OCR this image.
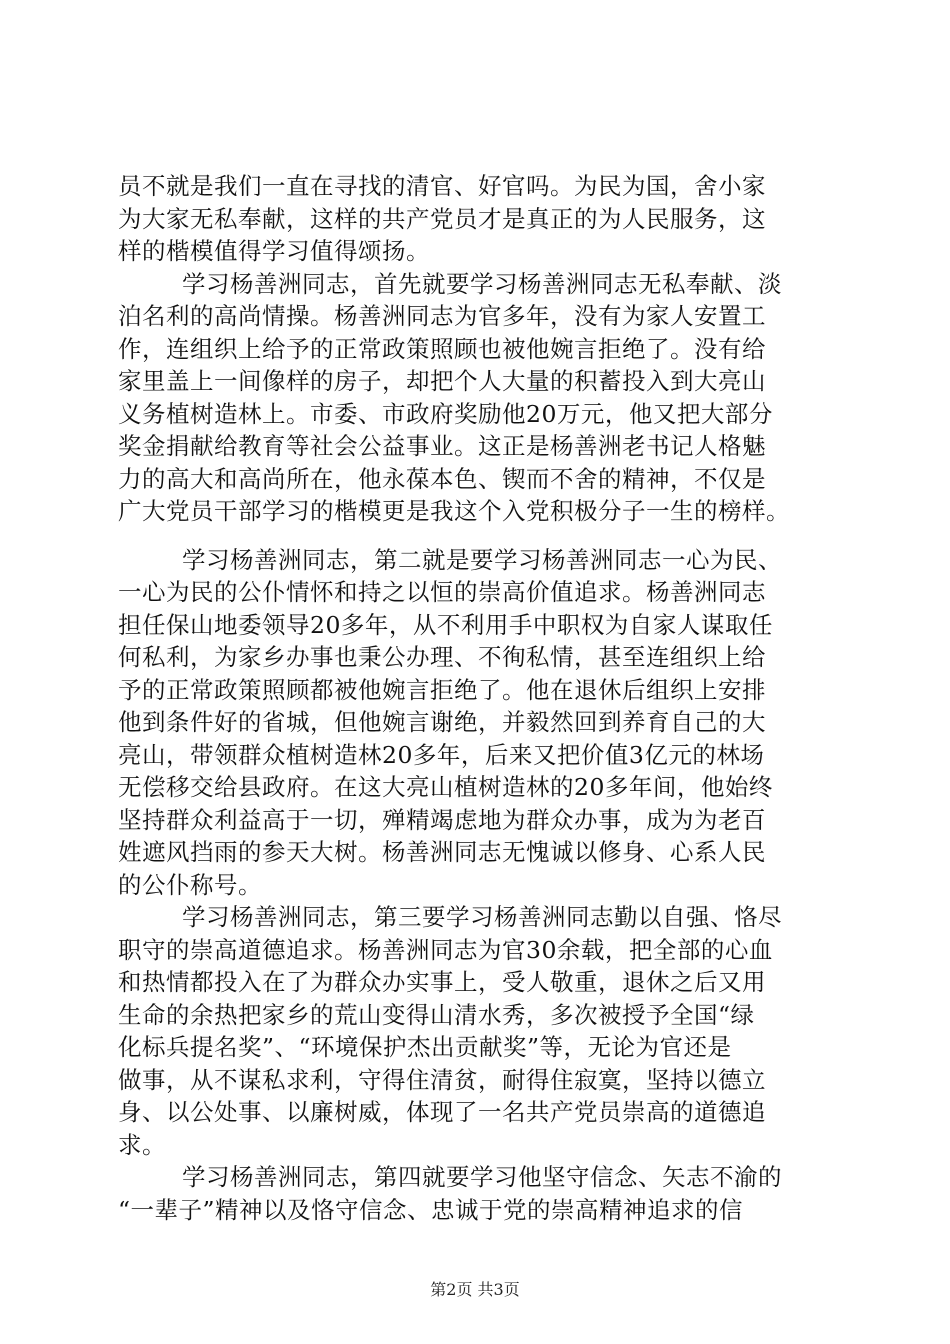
员不就是我们一直在寻找的清官、好官吗。为民为国，舍小家
为大家无私奉献，这样的共产党员才是真正的为人民服务，这
样的楷模值得学习值得颂扬。
学习杨善洲同志，首先就要学习杨善洲同志无私奉献、淡
泊名利的高尚情操。杨善洲同志为官多年，没有为家人安置工
作，连组织上给予的正常政策照顾也被他婉言拒绝了。没有给
家里盖上一间像样的房子，却把个人大量的积蓄投入到大亮山
义务植树造林上。市委、市政府奖励他20万元，他又把大部分
奖金捐献给教育等社会公益事业。这正是杨善洲老书记人格魅
力的高大和高尚所在，他永葆本色、锲而不舍的精神，不仅是
广大党员干部学习的楷模更是我这个入党积极分子一生的榜样。
学习杨善洲同志，第二就是要学习杨善洲同志一心为民、
一心为民的公仆情怀和持之以恒的崇高价值追求。杨善洲同志
担任保山地委领导20多年，从不利用手中职权为自家人谋取任
何私利，为家乡办事也秉公办理、不徇私情，甚至连组织上给
予的正常政策照顾都被他婉言拒绝了。他在退休后组织上安排
他到条件好的省城，但他婉言谢绝，并毅然回到养育自己的大
亮山，带领群众植树造林20多年，后来又把价值3亿元的林场
无偿移交给县政府。在这大亮山植树造林的20多年间，他始终
坚持群众利益高于一切，殚精竭虑地为群众办事，成为为老百
姓遮风挡雨的参天大树。杨善洲同志无愧诚以修身、心系人民
的公仆称号。
学习杨善洲同志，第三要学习杨善洲同志勤以自强、恪尽
职守的崇高道德追求。杨善洲同志为官30余载，把全部的心血
和热情都投入在了为群众办实事上，受人敬重，退休之后又用
生命的余热把家乡的荒山变得山清水秀，多次被授予全国“绿
化标兵提名奖”、“环境保护杰出贡献奖”等，无论为官还是
做事，从不谋私求利，守得住清贫，耐得住寂寞，坚持以德立
身、以公处事、以廉树威，体现了一名共产党员崇高的道德追
求。
学习杨善洲同志，第四就要学习他坚守信念、矢志不渝的
“一辈子”精神以及恪守信念、忠诚于党的崇高精神追求的信
第2页 共3页
